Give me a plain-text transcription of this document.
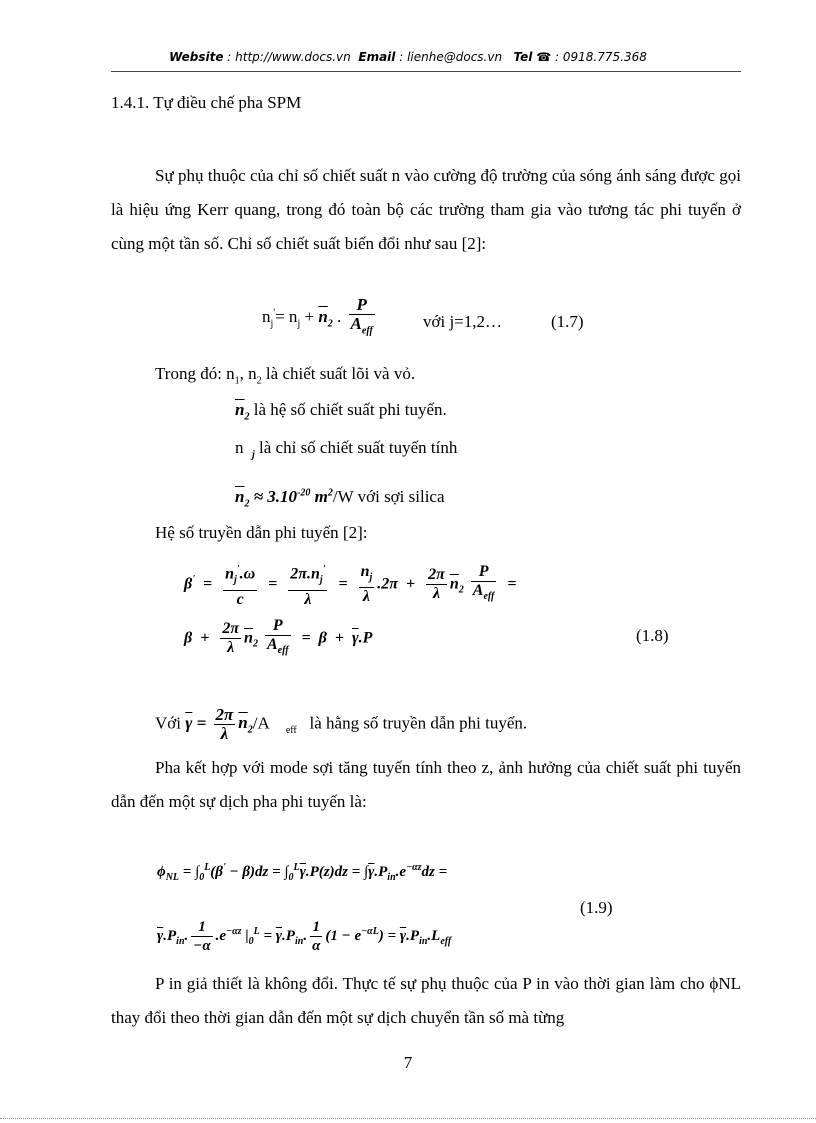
Website : http://www.docs.vn Email : lienhe@docs.vn Tel ☎ : 0918.775.368
1.4.1. Tự điều chế pha SPM
Sự phụ thuộc của chỉ số chiết suất n vào cường độ trường của sóng ánh sáng được gọi là hiệu ứng Kerr quang, trong đó toàn bộ các trường tham gia vào tương tác phi tuyến ở cùng một tần số. Chỉ số chiết suất biến đổi như sau [2]:
$n_j'= n_j + \overline{n}_2$ . $\frac{P}{A_{eff}}$	với j=1,2…	(1.7)
Trong đó: $n_1$, $n_2$ là chiết suất lõi và vỏ.
$\overline{n}_2$ là hệ số chiết suất phi tuyến.
n  $_j$ là chỉ số chiết suất tuyến tính
$\overline{n}_2 \approx 3.10^{-20}$ $m^2/W$ với sợi silica
Hệ số truyền dẫn phi tuyến [2]:
$\beta' = \frac{n_j'.\omega}{c} = \frac{2\pi.n_j'}{\lambda} = \frac{n_j}{\lambda} .2\pi + \frac{2\pi}{\lambda} \overline{n}_2 \frac{P}{A_{eff}}$ =
$\beta + \frac{2\pi}{\lambda} \overline{n}_2 \frac{P}{A_{eff}} = \beta + \overline{\gamma}.P$	(1.8)
Với $\overline{\gamma} = \frac{2\pi}{\lambda} \overline{n}_2/A$ $_{eff}$ là hằng số truyền dẫn phi tuyến.
Pha kết hợp với mode sợi tăng tuyến tính theo z, ảnh hưởng của chiết suất phi tuyến dẫn đến một sự dịch pha phi tuyến là:
$\phi_{NL} = \int_0^L(\beta' - \beta)dz = \int_0^L\overline{\gamma}.P(z)dz = \int\overline{\gamma}.P_{in}.e^{-\alpha z}dz$ =
$\overline{\gamma}.P_{in}$. $\frac{1}{-\alpha} .e^{-\alpha z}$ $|_0^L = \overline{\gamma}.P_{in}$. $\frac{1}{\alpha} (1 - e^{-\alpha L}) = \overline{\gamma}.P_{in}.L_{eff}$
(1.9)
P in giả thiết là không đổi. Thực tế sự phụ thuộc của P in vào thời gian làm cho ϕNL thay đổi theo thời gian dẫn đến một sự dịch chuyển tần số mà từng
7
